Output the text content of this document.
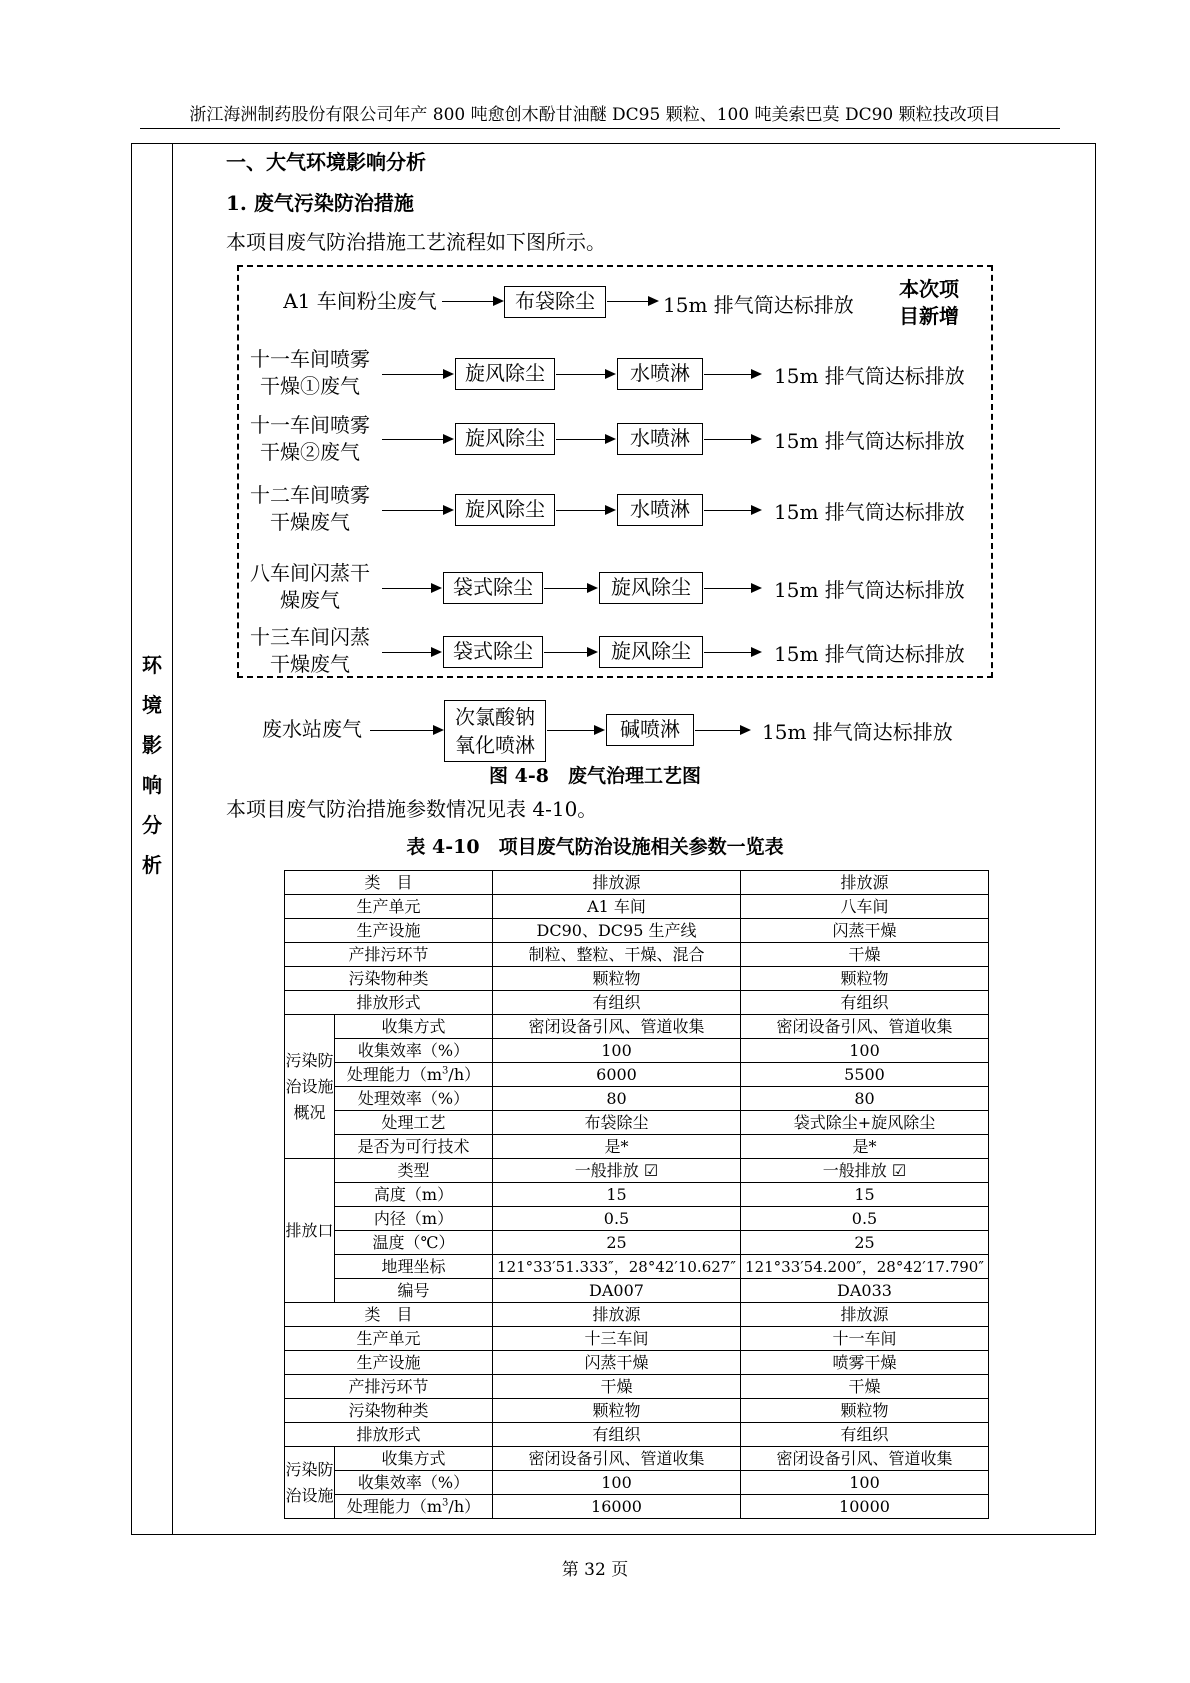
浙江海洲制药股份有限公司年产 800 吨愈创木酚甘油醚 DC95 颗粒、100 吨美索巴莫 DC90 颗粒技改项目
环
境
影
响
分
析
一、大气环境影响分析
1. 废气污染防治措施
本项目废气防治措施工艺流程如下图所示。
A1 车间粉尘废气	布袋除尘	15m 排气筒达标排放
本次项
目新增
十一车间喷雾
干燥①废气
旋风除尘	水喷淋	15m 排气筒达标排放
十一车间喷雾
干燥②废气
旋风除尘	水喷淋	15m 排气筒达标排放
十二车间喷雾
干燥废气
旋风除尘	水喷淋	15m 排气筒达标排放
八车间闪蒸干
燥废气
袋式除尘	旋风除尘	15m 排气筒达标排放
十三车间闪蒸
干燥废气
袋式除尘	旋风除尘	15m 排气筒达标排放
废水站废气	次氯酸钠
氧化喷淋
碱喷淋	15m 排气筒达标排放
图 4-8　废气治理工艺图
本项目废气防治措施参数情况见表 4-10。
表 4-10　项目废气防治设施相关参数一览表
类　目		排放源	排放源
生产单元		A1 车间	八车间
生产设施		DC90、DC95 生产线	闪蒸干燥
产排污环节		制粒、整粒、干燥、混合	干燥
污染物种类		颗粒物	颗粒物
排放形式		有组织	有组织
污染防治设施概况	收集方式	密闭设备引风、管道收集	密闭设备引风、管道收集
	收集效率（%）	100	100
	处理能力$(m^3/h)$	6000	5500
	处理效率（%）	80	80
	处理工艺	布袋除尘	袋式除尘+旋风除尘
	是否为可行技术	是*	是*
排放口	类型	一般排放 ☑	一般排放 ☑
	高度（m）	15	15
	内径（m）	0.5	0.5
	温度（℃）	25	25
	地理坐标	121°33′51.333″，28°42′10.627″	121°33′54.200″，28°42′17.790″
	编号	DA007	DA033
类　目		排放源	排放源
生产单元		十三车间	十一车间
生产设施		闪蒸干燥	喷雾干燥
产排污环节		干燥	干燥
污染物种类		颗粒物	颗粒物
排放形式		有组织	有组织
污染防治设施	收集方式	密闭设备引风、管道收集	密闭设备引风、管道收集
	收集效率（%）	100	100
	处理能力$(m^3/h)$	16000	10000
第 32 页
